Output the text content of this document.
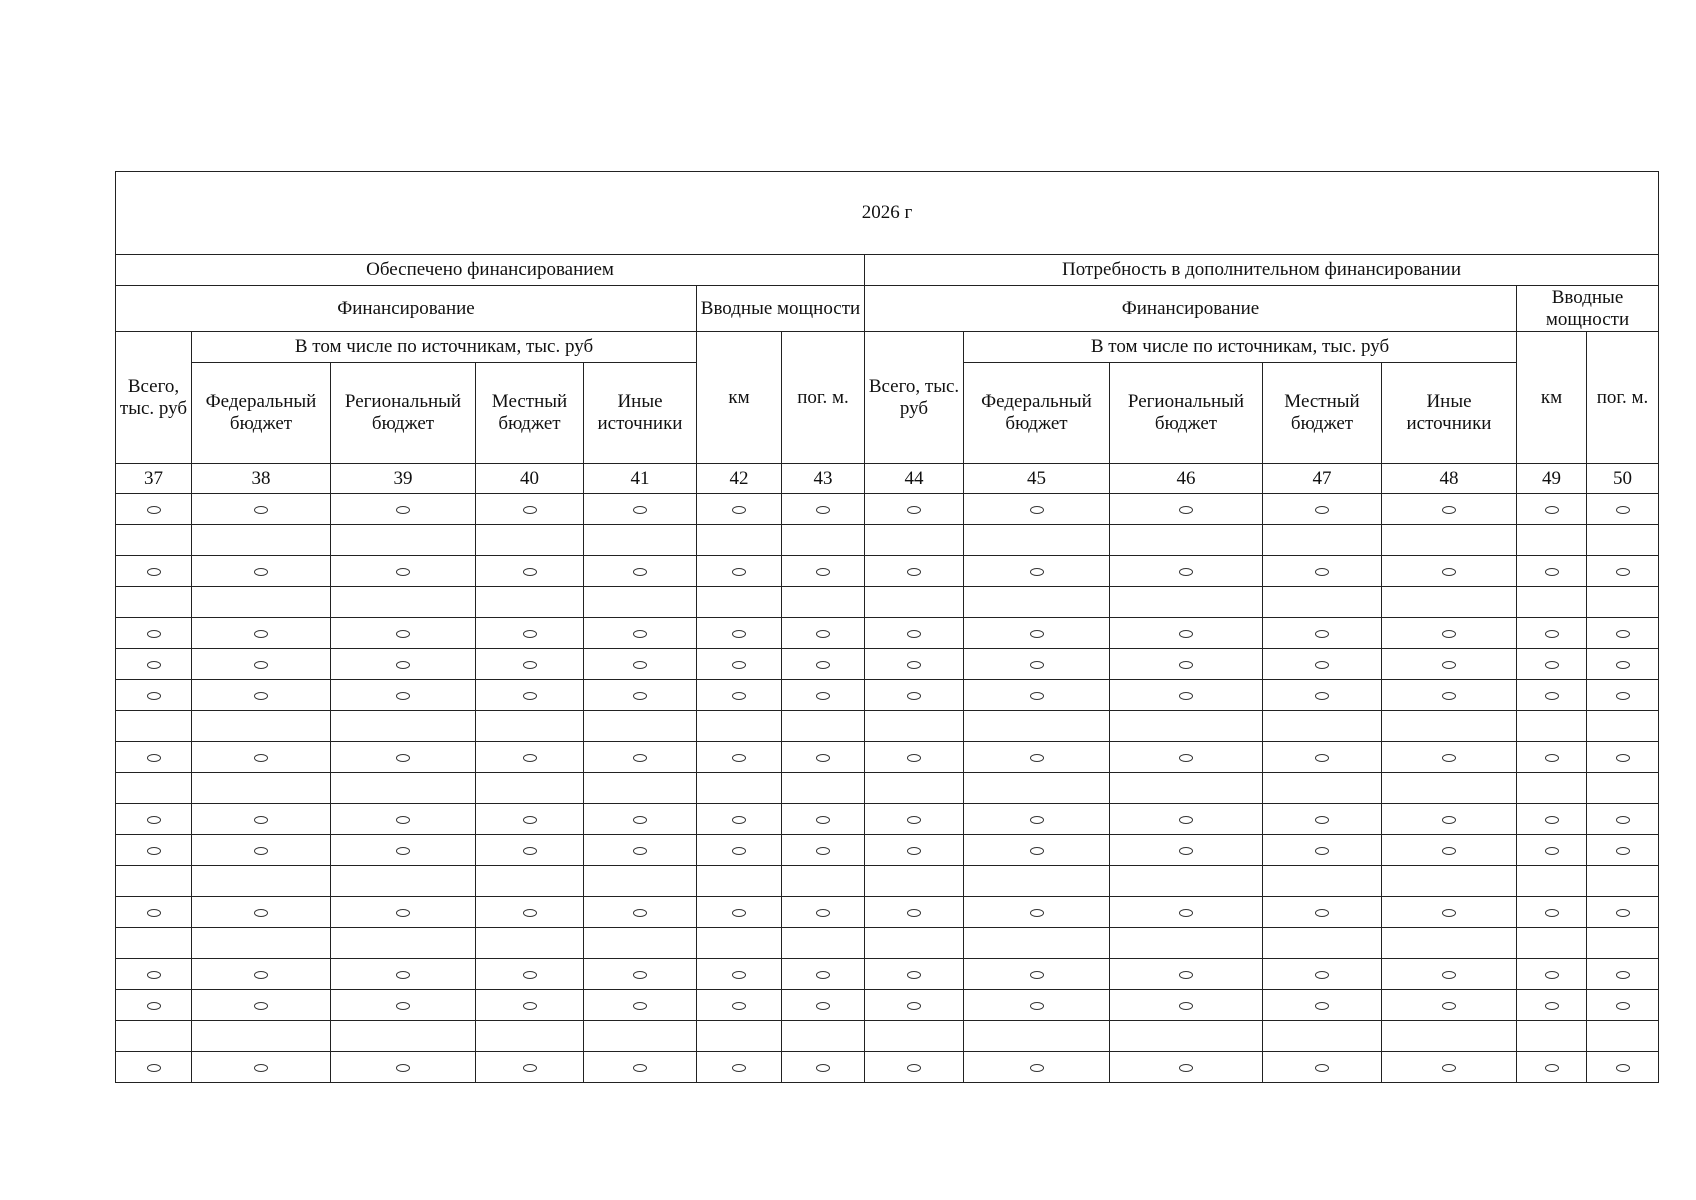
2026 г													
Обеспечено финансированием							Потребность в дополнительном финансировании						
Финансирование					Вводные мощности		Финансирование					Вводные мощности	
Всего, тыс. руб	В том числе по источникам, тыс. руб				км	пог. м.	Всего, тыс. руб	В том числе по источникам, тыс. руб				км	пог. м.
	Федеральный бюджет	Региональный бюджет	Местный бюджет	Иные источники				Федеральный бюджет	Региональный бюджет	Местный бюджет	Иные источники		
37	38	39	40	41	42	43	44	45	46	47	48	49	50
